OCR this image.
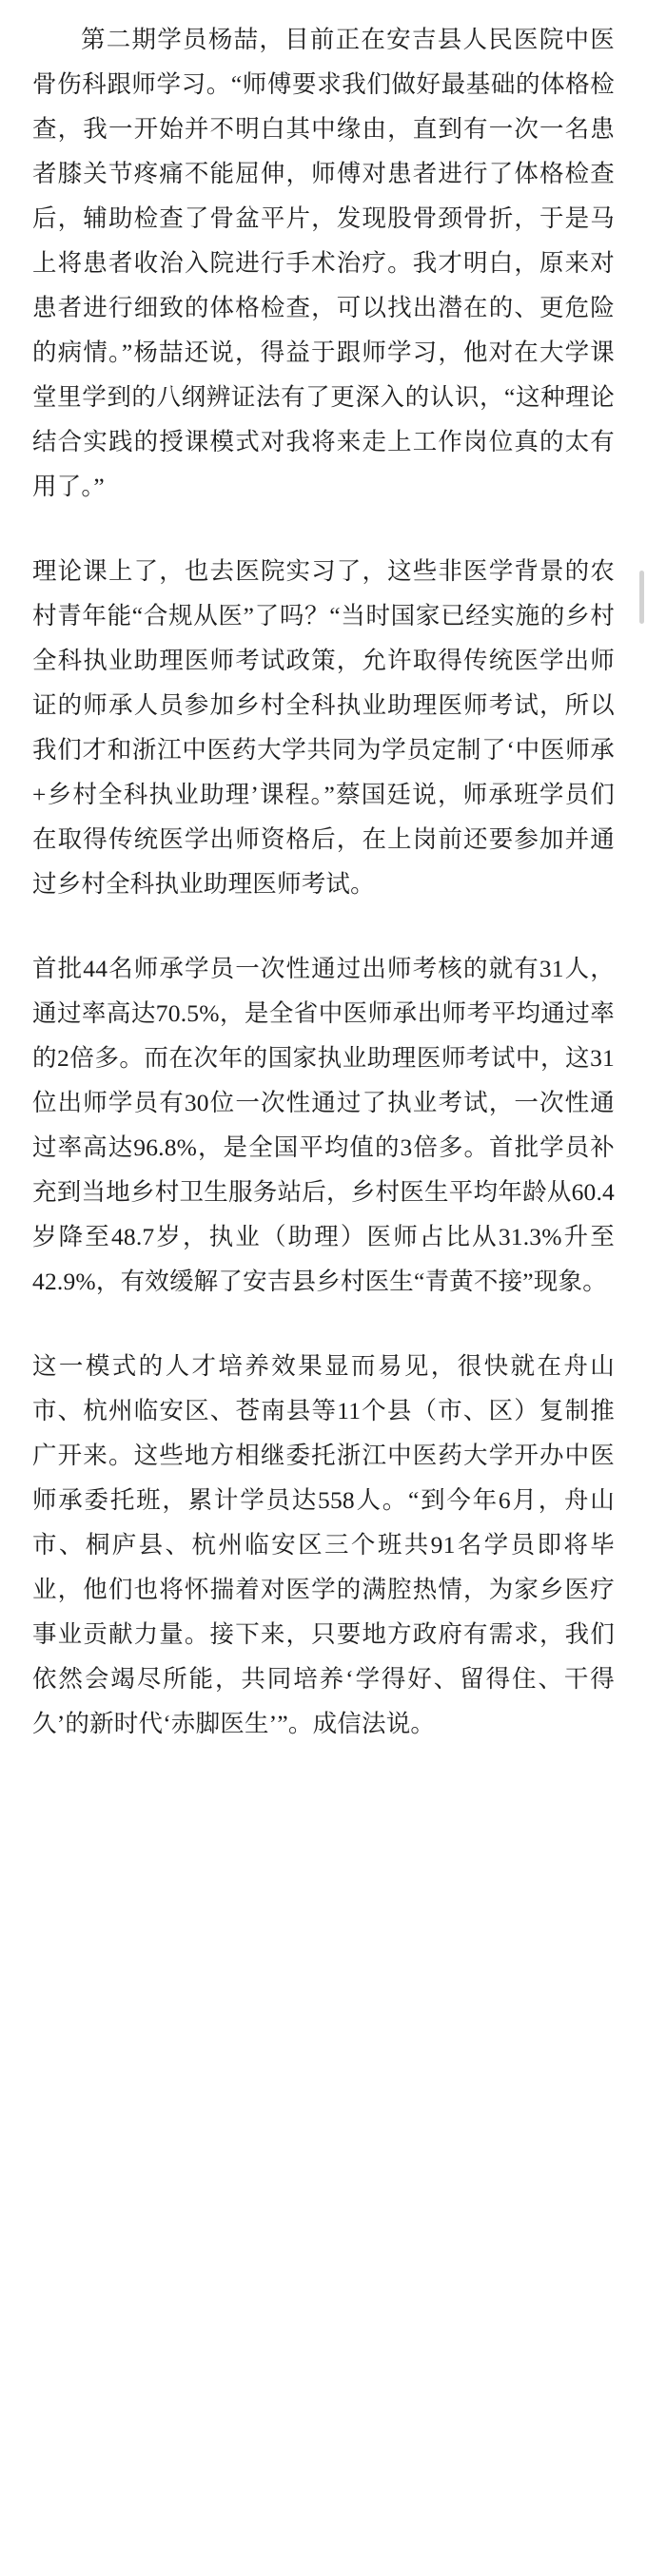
第二期学员杨喆，目前正在安吉县人民医院中医骨伤科跟师学习。“师傅要求我们做好最基础的体格检查，我一开始并不明白其中缘由，直到有一次一名患者膝关节疼痛不能屈伸，师傅对患者进行了体格检查后，辅助检查了骨盆平片，发现股骨颈骨折，于是马上将患者收治入院进行手术治疗。我才明白，原来对患者进行细致的体格检查，可以找出潜在的、更危险的病情。”杨喆还说，得益于跟师学习，他对在大学课堂里学到的八纲辨证法有了更深入的认识，“这种理论结合实践的授课模式对我将来走上工作岗位真的太有用了。”

理论课上了，也去医院实习了，这些非医学背景的农村青年能“合规从医”了吗？“当时国家已经实施的乡村全科执业助理医师考试政策，允许取得传统医学出师证的师承人员参加乡村全科执业助理医师考试，所以我们才和浙江中医药大学共同为学员定制了‘中医师承+乡村全科执业助理’课程。”蔡国廷说，师承班学员们在取得传统医学出师资格后，在上岗前还要参加并通过乡村全科执业助理医师考试。

首批44名师承学员一次性通过出师考核的就有31人，通过率高达70.5%，是全省中医师承出师考平均通过率的2倍多。而在次年的国家执业助理医师考试中，这31位出师学员有30位一次性通过了执业考试，一次性通过率高达96.8%，是全国平均值的3倍多。首批学员补充到当地乡村卫生服务站后，乡村医生平均年龄从60.4岁降至48.7岁，执业（助理）医师占比从31.3%升至42.9%，有效缓解了安吉县乡村医生“青黄不接”现象。

这一模式的人才培养效果显而易见，很快就在舟山市、杭州临安区、苍南县等11个县（市、区）复制推广开来。这些地方相继委托浙江中医药大学开办中医师承委托班，累计学员达558人。“到今年6月，舟山市、桐庐县、杭州临安区三个班共91名学员即将毕业，他们也将怀揣着对医学的满腔热情，为家乡医疗事业贡献力量。接下来，只要地方政府有需求，我们依然会竭尽所能，共同培养‘学得好、留得住、干得久’的新时代‘赤脚医生’”。成信法说。
